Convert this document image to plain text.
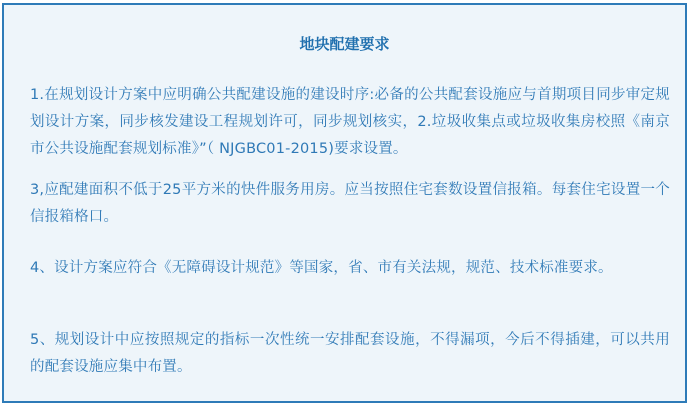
地块配建要求

1.在规划设计方案中应明确公共配建设施的建设时序:必备的公共配套设施应与首期项目同步审定规划设计方案，同步核发建设工程规划许可，同步规划核实，2.垃圾收集点或垃圾收集房校照《南京市公共设施配套规划标准》”（ NJGBC01-2015)要求设置。

3,应配建面积不低于25平方米的快件服务用房。应当按照住宅套数设置信报箱。每套住宅设置一个信报箱格口。

4、设计方案应符合《无障碍设计规范》等国家，省、市有关法规，规范、技术标准要求。

5、规划设计中应按照规定的指标一次性统一安排配套设施，不得漏项，今后不得插建，可以共用的配套设施应集中布置。
